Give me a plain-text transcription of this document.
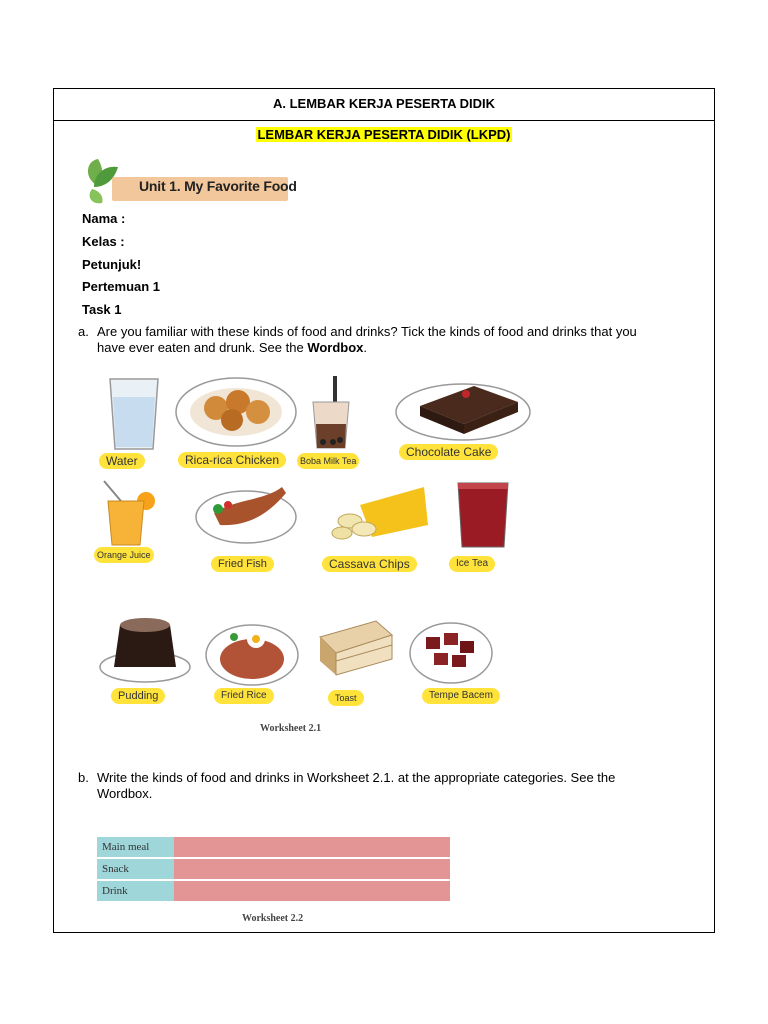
A. LEMBAR KERJA PESERTA DIDIK
LEMBAR KERJA PESERTA DIDIK (LKPD)
Unit 1. My Favorite Food
Nama :
Kelas :
Petunjuk!
Pertemuan 1
Task 1
a. Are you familiar with these kinds of food and drinks? Tick the kinds of food and drinks that you
have ever eaten and drunk. See the Wordbox.
Water	Rica-rica Chicken	Boba Milk Tea
Chocolate Cake
Orange Juice
Fried Fish	Cassava Chips	Ice Tea
Pudding	Fried Rice	Toast	Tempe Bacem
Worksheet 2.1
b. Write the kinds of food and drinks in Worksheet 2.1. at the appropriate categories. See the
Wordbox.
Main meal	
Snack	
Drink	
Worksheet 2.2
